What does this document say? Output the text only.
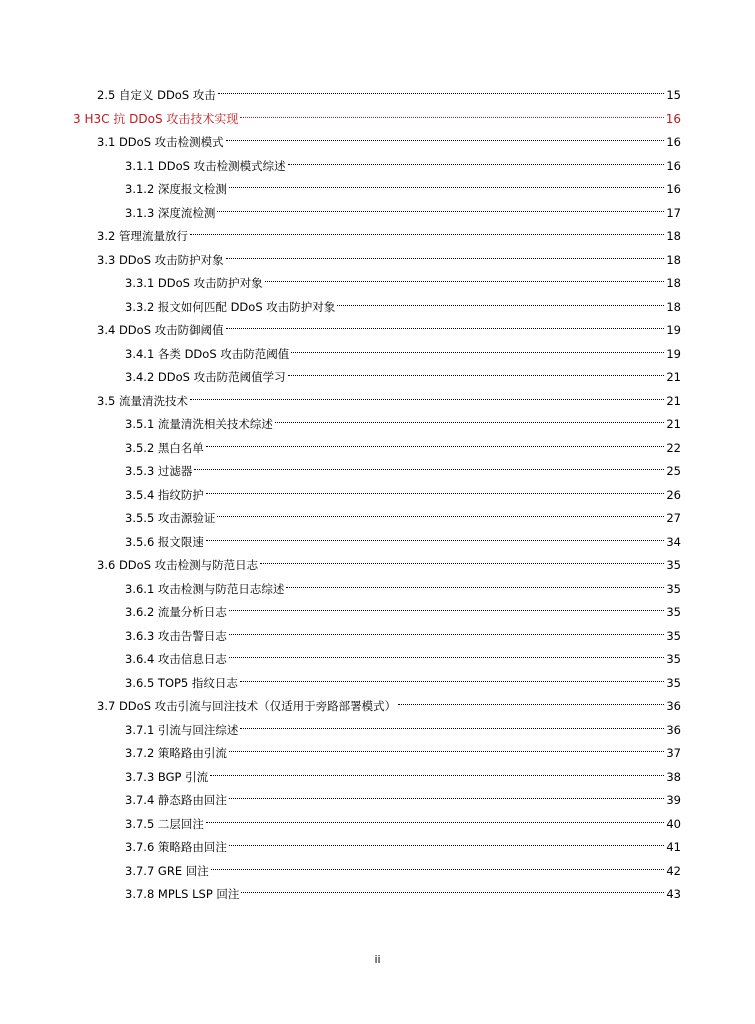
2.5 自定义 DDoS 攻击	15
3 H3C 抗 DDoS 攻击技术实现	16
3.1 DDoS 攻击检测模式	16
3.1.1 DDoS 攻击检测模式综述	16
3.1.2 深度报文检测	16
3.1.3 深度流检测	17
3.2 管理流量放行	18
3.3 DDoS 攻击防护对象	18
3.3.1 DDoS 攻击防护对象	18
3.3.2 报文如何匹配 DDoS 攻击防护对象	18
3.4 DDoS 攻击防御阈值	19
3.4.1 各类 DDoS 攻击防范阈值	19
3.4.2 DDoS 攻击防范阈值学习	21
3.5 流量清洗技术	21
3.5.1 流量清洗相关技术综述	21
3.5.2 黑白名单	22
3.5.3 过滤器	25
3.5.4 指纹防护	26
3.5.5 攻击源验证	27
3.5.6 报文限速	34
3.6 DDoS 攻击检测与防范日志	35
3.6.1 攻击检测与防范日志综述	35
3.6.2 流量分析日志	35
3.6.3 攻击告警日志	35
3.6.4 攻击信息日志	35
3.6.5 TOP5 指纹日志	35
3.7 DDoS 攻击引流与回注技术（仅适用于旁路部署模式）	36
3.7.1 引流与回注综述	36
3.7.2 策略路由引流	37
3.7.3 BGP 引流	38
3.7.4 静态路由回注	39
3.7.5 二层回注	40
3.7.6 策略路由回注	41
3.7.7 GRE 回注	42
3.7.8 MPLS LSP 回注	43
ii
